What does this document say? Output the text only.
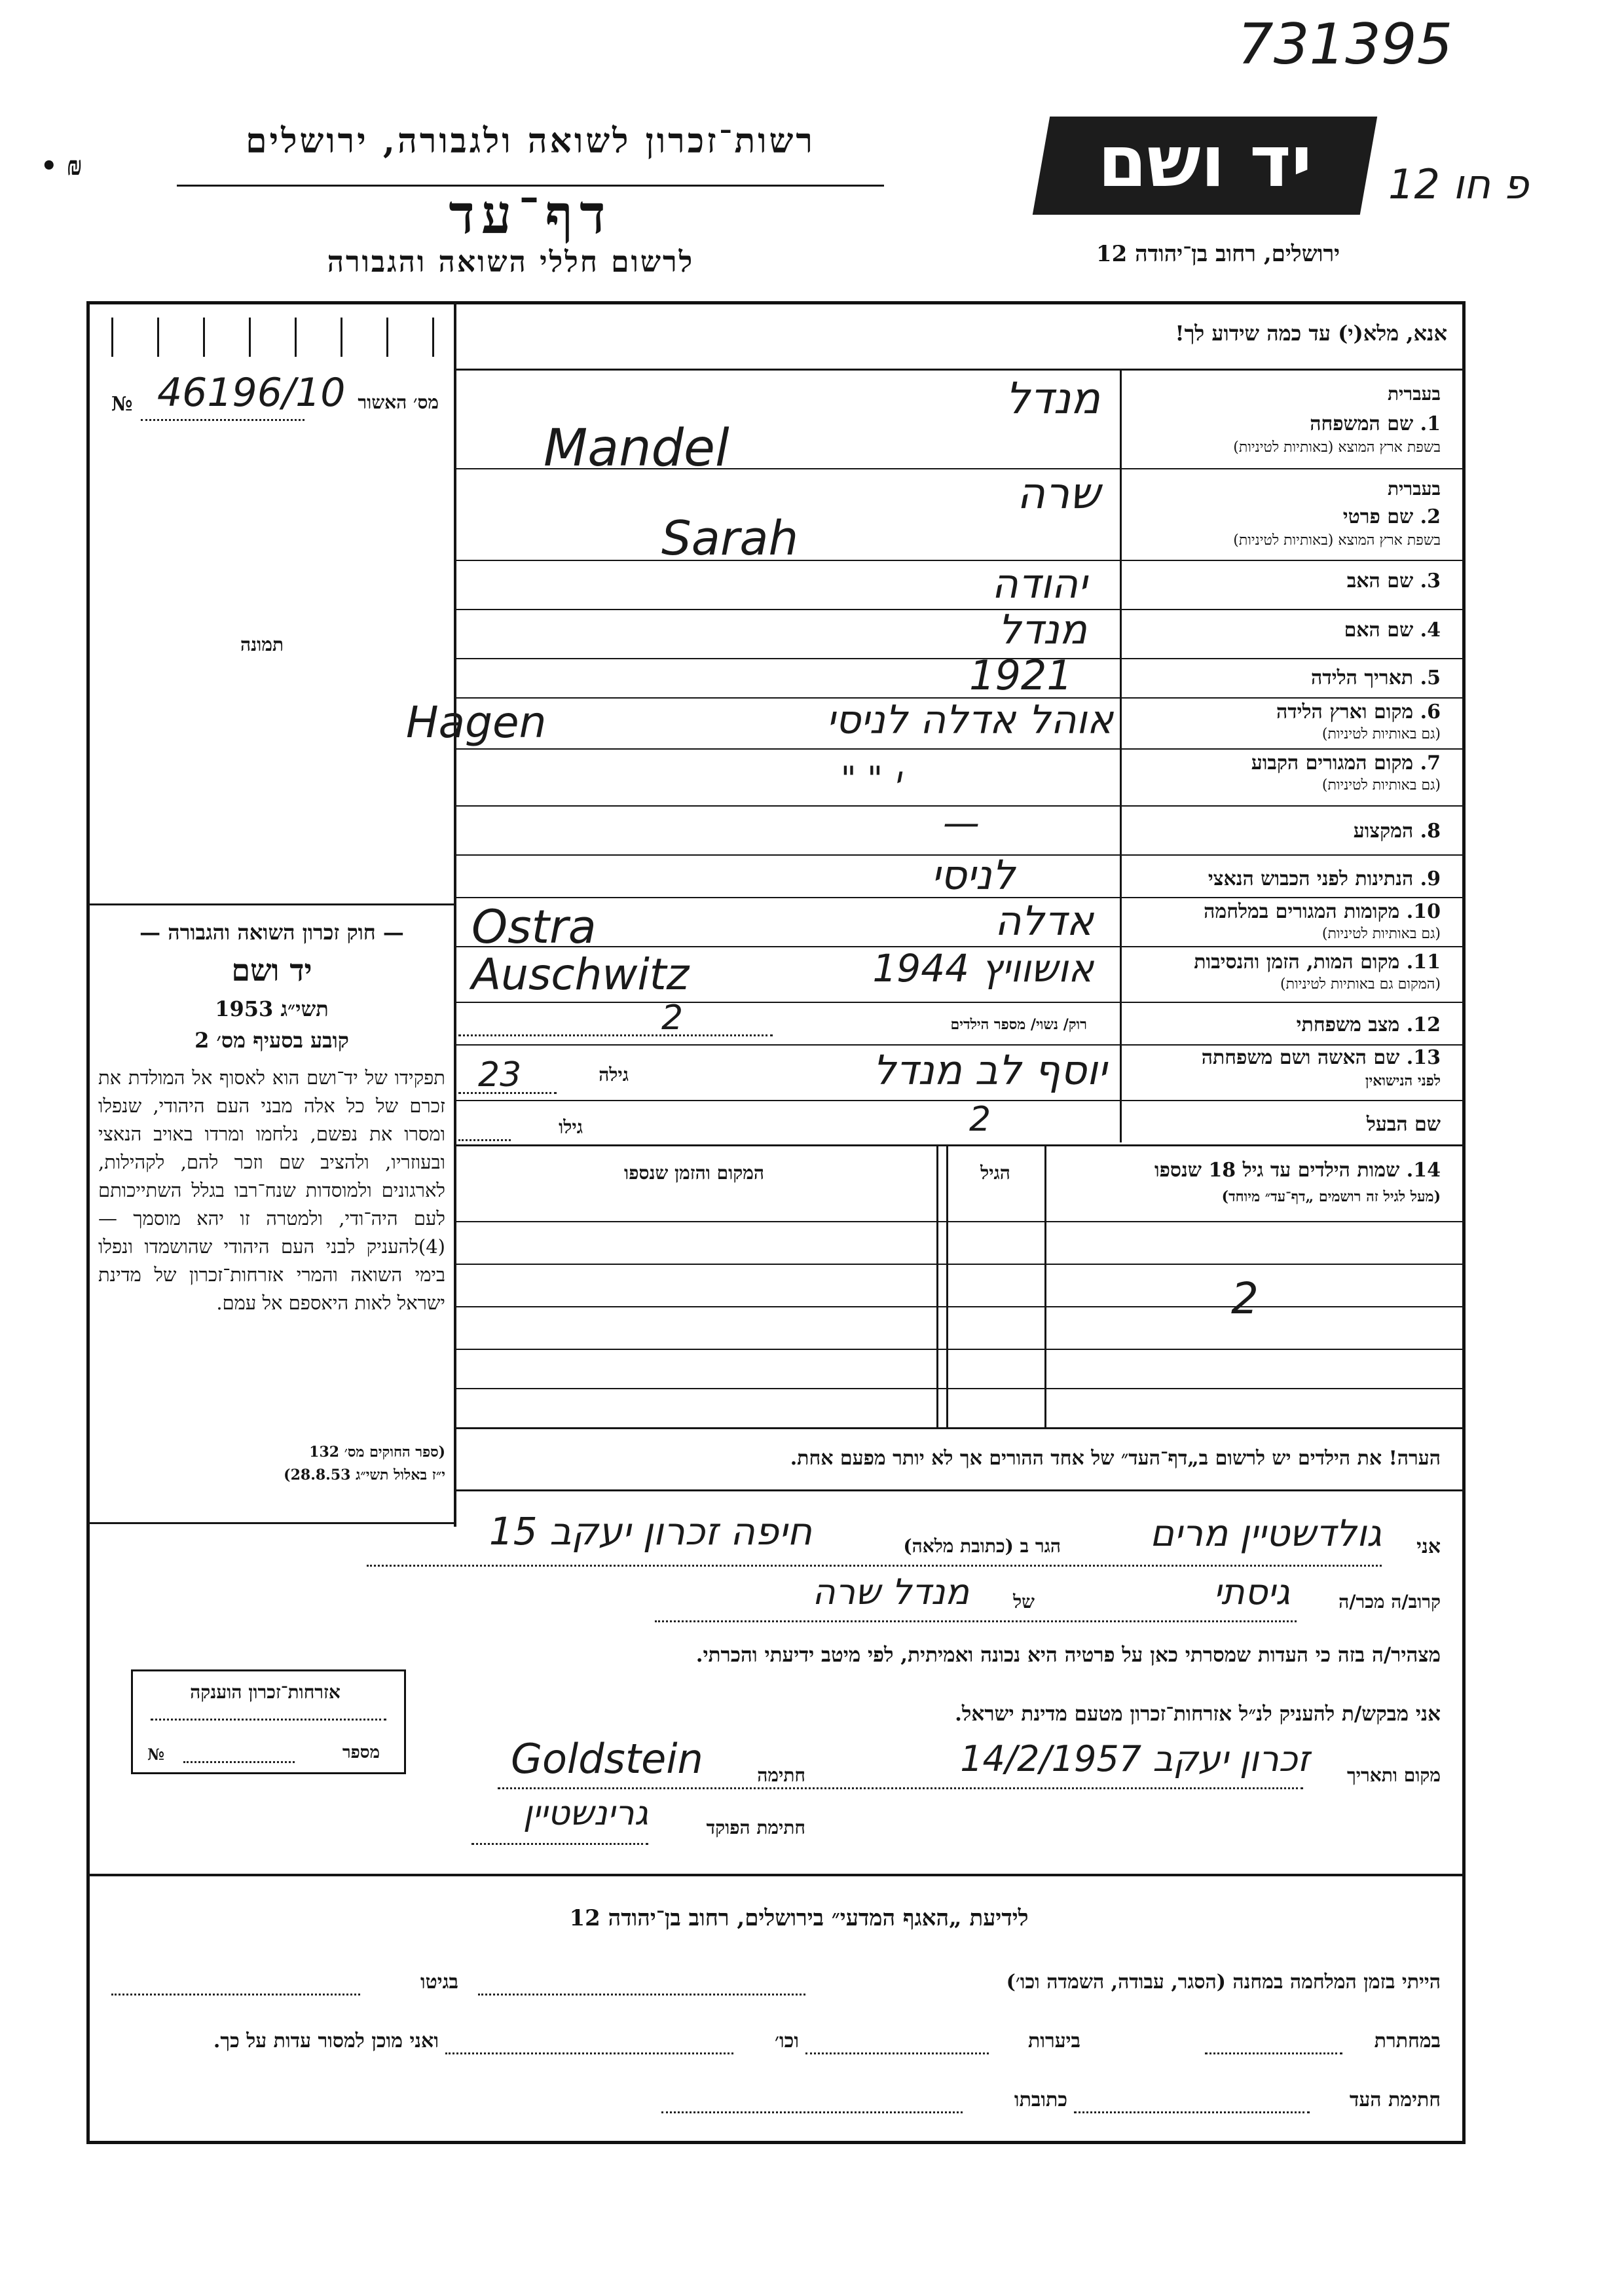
731395
פ חו 12
• ₪
רשות־זכרון לשואה ולגבורה, ירושלים
דף־עד
לרשום חללי השואה והגבורה
יד ושם
ירושלים, רחוב בן־יהודה 12
אנא, מלא(י) עד כמה שידוע לך!
№ 46196/10 מס׳ האשור
תמונה
— חוק זכרון השואה והגבורה —
יד ושם
תשי״ג 1953
קובע בסעיף מס׳ 2
תפקידו של יד־ושם הוא לאסוף אל המולדת את זכרם של כל אלה מבני העם היהודי, שנפלו ומסרו את נפשם, נלחמו ומרדו באויב הנאצי ובעוזריו, ולהציב שם וזכר להם, לקהילות, לארגונים ולמוסדות שנח־רבו בגלל השתייכותם לעם היה־ודי, ולמטרה זו יהא מוסמך — (4)להעניק לבני העם היהודי שהושמדו ונפלו בימי השואה והמרי אזרחות־זכרון של מדינת ישראל לאות היאספם אל עמם.
(ספר החוקים מס׳ 132
י״ז באלול תשי״ג 28.8.53)
בעברית
1. שם המשפחה
בשפת ארץ המוצא (באותיות לטיניות)
מנדל
Mandel
בעברית
2. שם פרטי
בשפת ארץ המוצא (באותיות לטיניות)
שרה
Sarah
3. שם האב
יהודה
4. שם האם
מנדל
5. תאריך הלידה
1921
6. מקום וארץ הלידה
(גם באותיות לטיניות)
אוהל אדלה לניסי
Hagen
7. מקום המגורים הקבוע
(גם באותיות לטיניות)
י " "
8. המקצוע
—
9. הנתינות לפני הכבוש הנאצי
לניסי
10. מקומות המגורים במלחמה
(גם באותיות לטיניות)
אדלה
Ostra
11. מקום המות, הזמן והנסיבות
(המקום גם באותיות לטיניות)
אושוויץ 1944
Auschwitz
12. מצב משפחתי
רוק/ נשוי/ מספר הילדים
2
13. שם האשה ושם משפחתה
לפני הנישואין
יוסף לב מנדל
גילה
23
שם הבעל
2
גילו
14. שמות הילדים עד גיל 18 שנספו
(מעל לגיל זה רושמים „דף־עד״ מיוחד)
הגיל
המקום והזמן שנספו
2
הערה! את הילדים יש לרשום ב„דף־העד״ של אחד ההורים אך לא יותר מפעם אחת.
אני
גולדשטיין מרים
הגר ב (כתובת מלאה)
חיפה זכרון יעקב 15
קרוב/ה מכר/ה
גיסתי
של
מנדל שרה
מצהיר/ה בזה כי העדות שמסרתי כאן על פרטיה היא נכונה ואמיתית, לפי מיטב ידיעתי והכרתי.
אני מבקש/ת להעניק לנ״ל אזרחות־זכרון מטעם מדינת ישראל.
מקום ותאריך
זכרון יעקב 14/2/1957
חתימה
Goldstein
חתימת הפוקד
גרינשטיין
אזרחות־זכרון הוענקה
№	מספר
לידיעת „האגף המדעי״ בירושלים, רחוב בן־יהודה 12
הייתי בזמן המלחמה במחנה (הסגר, עבודה, השמדה וכו׳)
בגיטו
במחתרת
ביערות
וכו׳
ואני מוכן למסור עדות על כך.
חתימת העד
כתובתו
